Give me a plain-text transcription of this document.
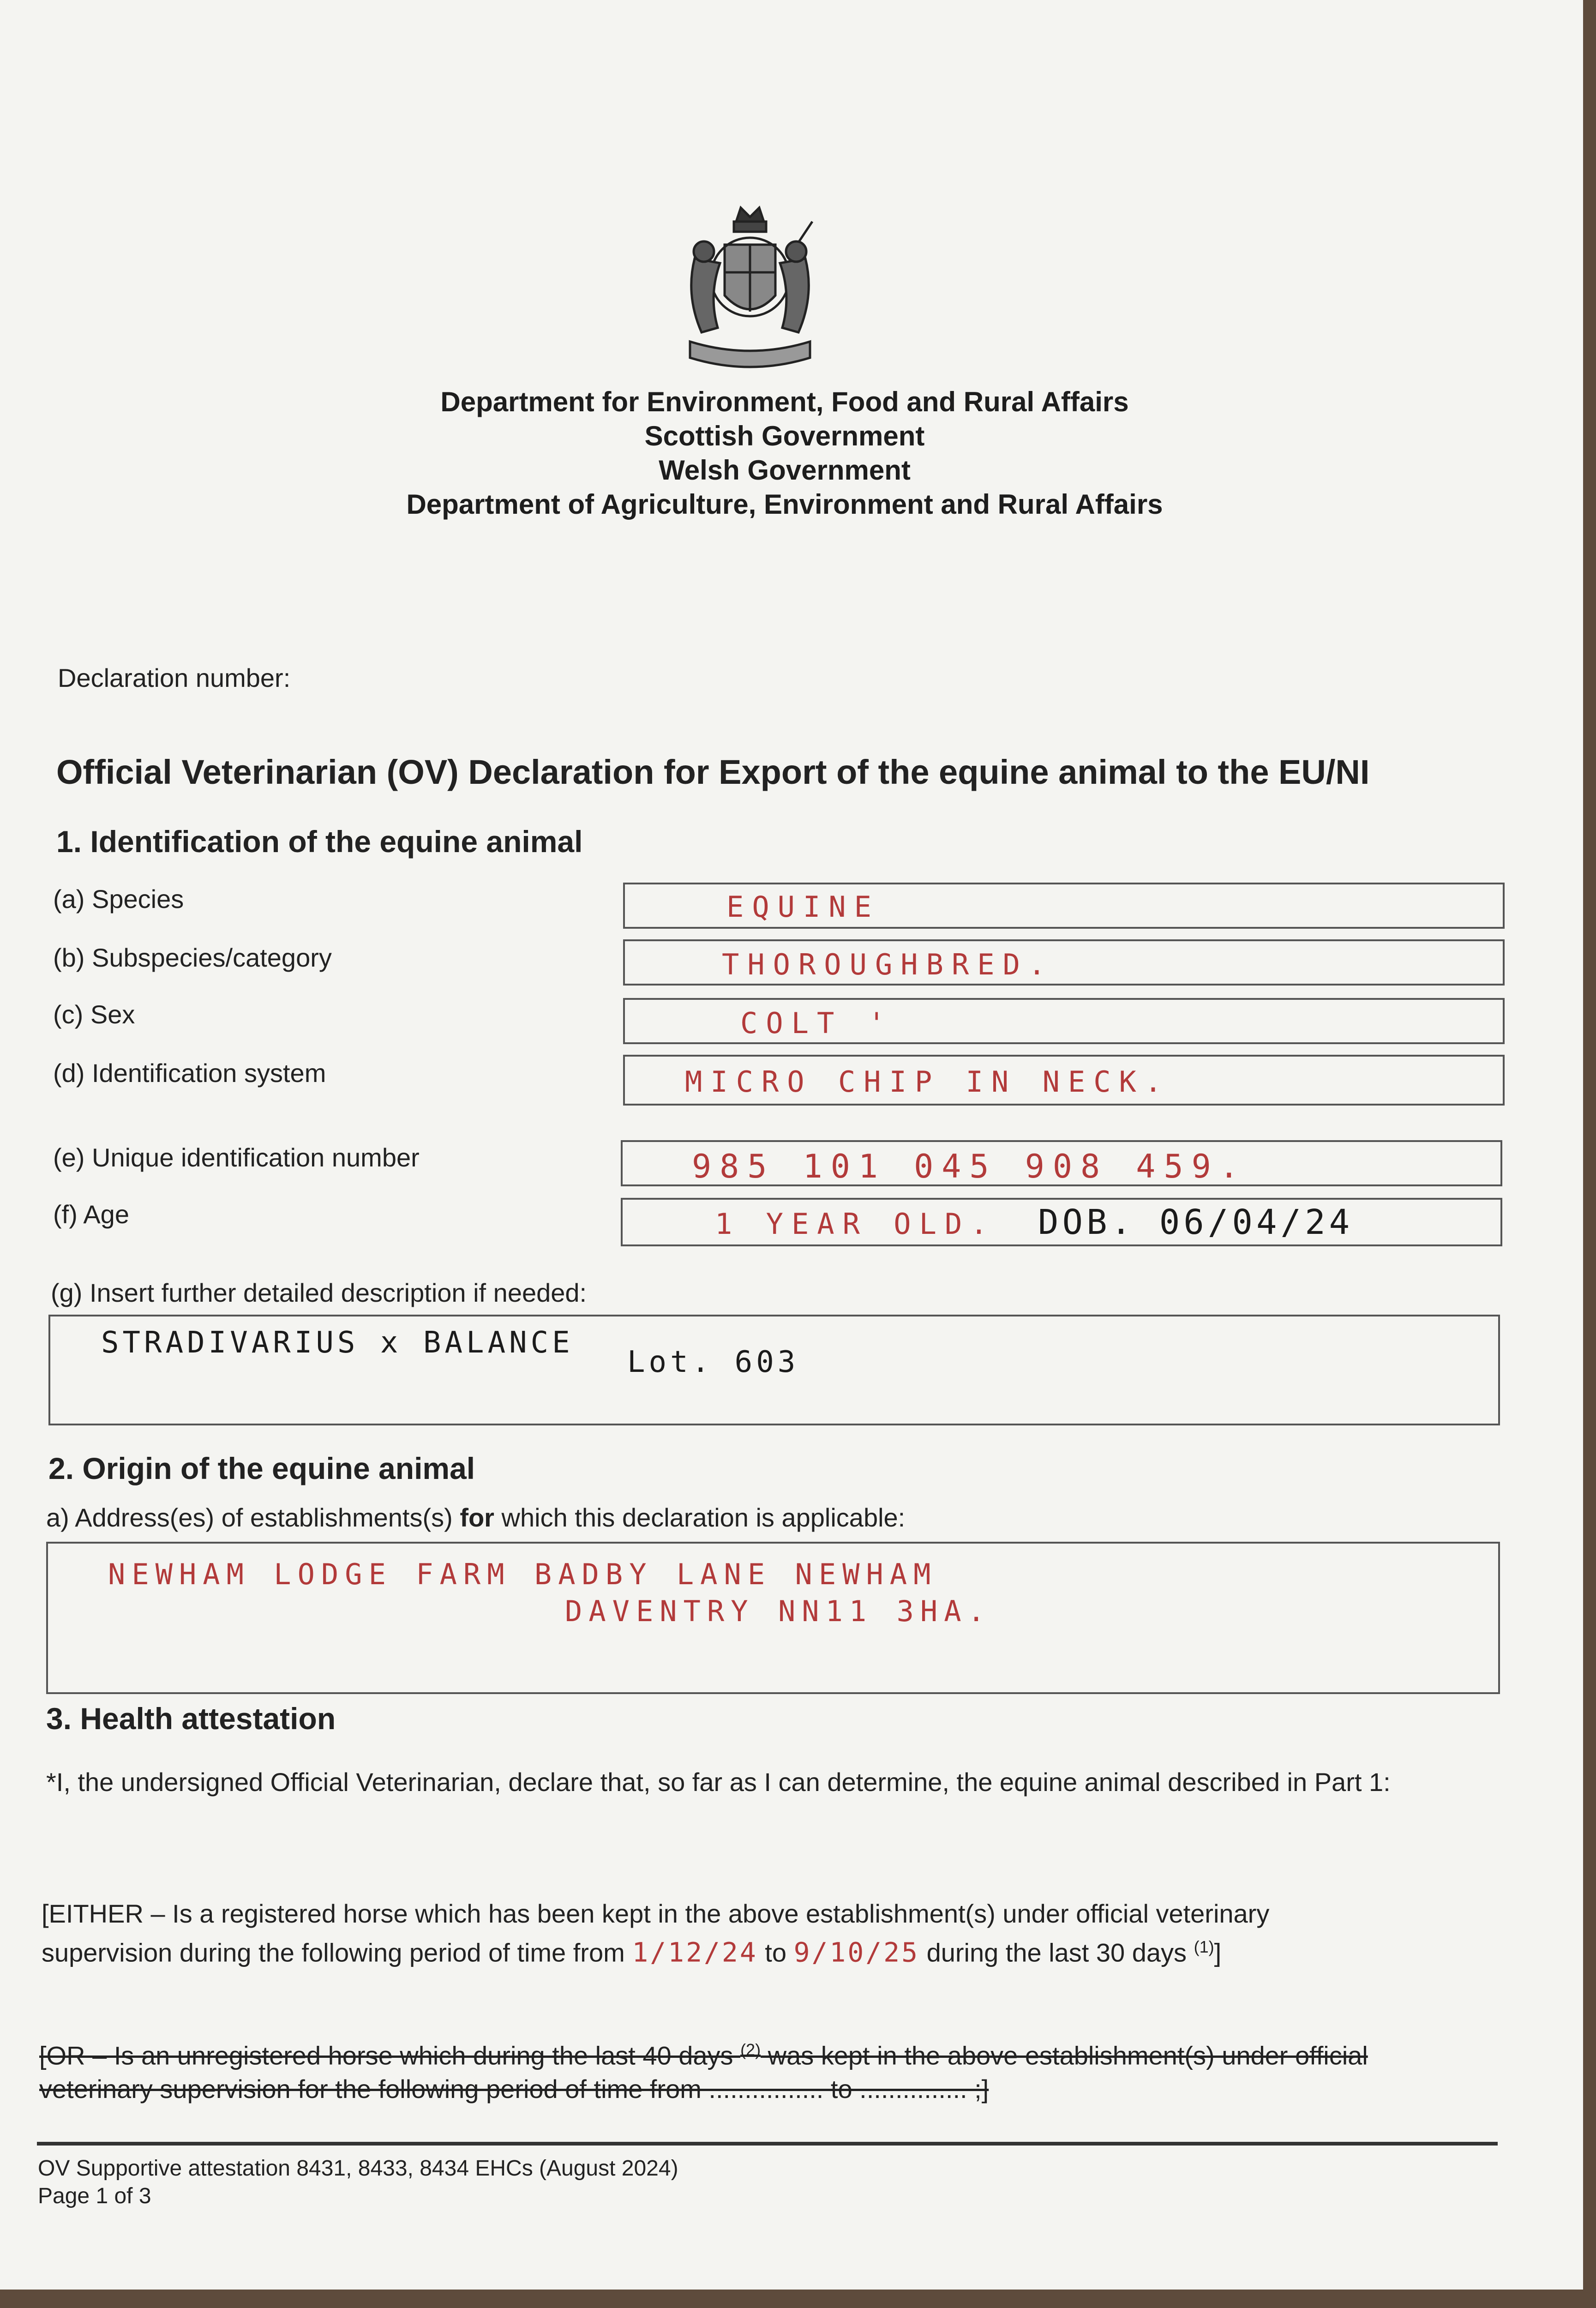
Department for Environment, Food and Rural Affairs
Scottish Government
Welsh Government
Department of Agriculture, Environment and Rural Affairs
Declaration number:
Official Veterinarian (OV) Declaration for Export of the equine animal to the EU/NI
1. Identification of the equine animal
(a) Species	EQUINE
(b) Subspecies/category	THOROUGHBRED.
(c) Sex	COLT '
(d) Identification system	MICRO CHIP IN NECK.
(e) Unique identification number	985 101 045 908 459.
(f) Age	1 YEAR OLD. DOB. 06/04/24
(g) Insert further detailed description if needed:
STRADIVARIUS x BALANCE
Lot. 603
2. Origin of the equine animal
a) Address(es) of establishments(s) for which this declaration is applicable:
NEWHAM LODGE FARM BADBY LANE NEWHAM
DAVENTRY NN11 3HA.
3. Health attestation
*I, the undersigned Official Veterinarian, declare that, so far as I can determine, the equine animal described in Part 1:
[EITHER – Is a registered horse which has been kept in the above establishment(s) under official veterinary
supervision during the following period of time from 1/12/24 to 9/10/25 during the last 30 days $^{(1)}$]
[OR – Is an unregistered horse which during the last 40 days $^{(2)}$ was kept in the above establishment(s) under official
veterinary supervision for the following period of time from ................ to ............... ;]
OV Supportive attestation 8431, 8433, 8434 EHCs (August 2024)
Page 1 of 3
